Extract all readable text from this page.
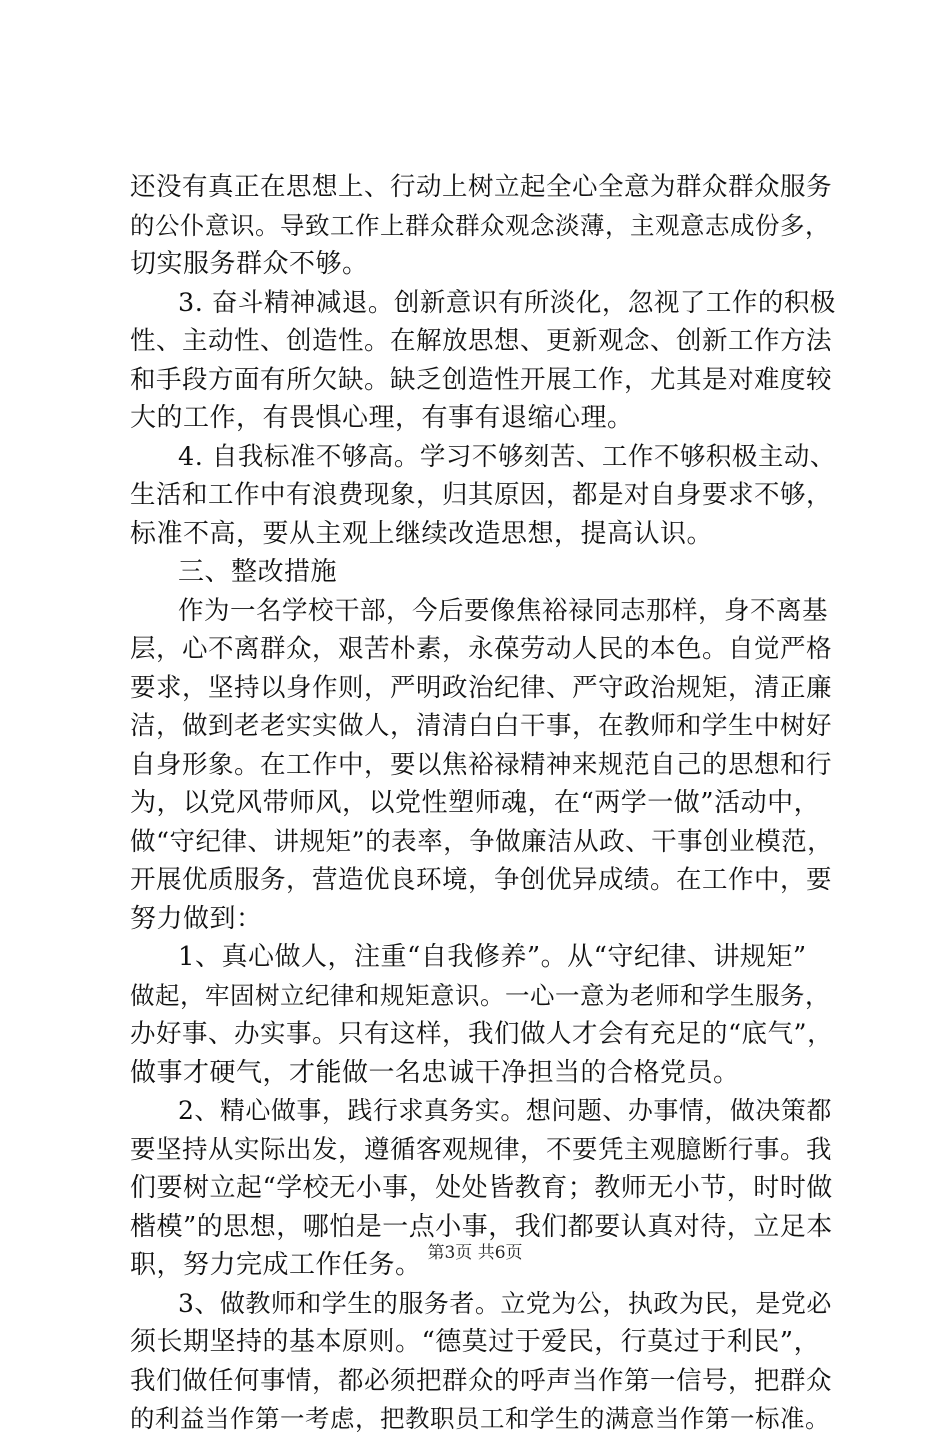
还没有真正在思想上、行动上树立起全心全意为群众群众服务
的公仆意识。导致工作上群众群众观念淡薄，主观意志成份多，
切实服务群众不够。
3. 奋斗精神减退。创新意识有所淡化，忽视了工作的积极
性、主动性、创造性。在解放思想、更新观念、创新工作方法
和手段方面有所欠缺。缺乏创造性开展工作，尤其是对难度较
大的工作，有畏惧心理，有事有退缩心理。
4. 自我标准不够高。学习不够刻苦、工作不够积极主动、
生活和工作中有浪费现象，归其原因，都是对自身要求不够，
标准不高，要从主观上继续改造思想，提高认识。
三、整改措施
作为一名学校干部，今后要像焦裕禄同志那样，身不离基
层，心不离群众，艰苦朴素，永葆劳动人民的本色。自觉严格
要求，坚持以身作则，严明政治纪律、严守政治规矩，清正廉
洁，做到老老实实做人，清清白白干事，在教师和学生中树好
自身形象。在工作中，要以焦裕禄精神来规范自己的思想和行
为，以党风带师风，以党性塑师魂，在“两学一做”活动中，
做“守纪律、讲规矩”的表率，争做廉洁从政、干事创业模范，
开展优质服务，营造优良环境，争创优异成绩。在工作中，要
努力做到：
1、真心做人，注重“自我修养”。从“守纪律、讲规矩”
做起，牢固树立纪律和规矩意识。一心一意为老师和学生服务，
办好事、办实事。只有这样，我们做人才会有充足的“底气”，
做事才硬气，才能做一名忠诚干净担当的合格党员。
2、精心做事，践行求真务实。想问题、办事情，做决策都
要坚持从实际出发，遵循客观规律，不要凭主观臆断行事。我
们要树立起“学校无小事，处处皆教育；教师无小节，时时做
楷模”的思想，哪怕是一点小事，我们都要认真对待，立足本
职，努力完成工作任务。
3、做教师和学生的服务者。立党为公，执政为民，是党必
须长期坚持的基本原则。“德莫过于爱民，行莫过于利民”，
我们做任何事情，都必须把群众的呼声当作第一信号，把群众
的利益当作第一考虑，把教职员工和学生的满意当作第一标准。
第3页 共6页
